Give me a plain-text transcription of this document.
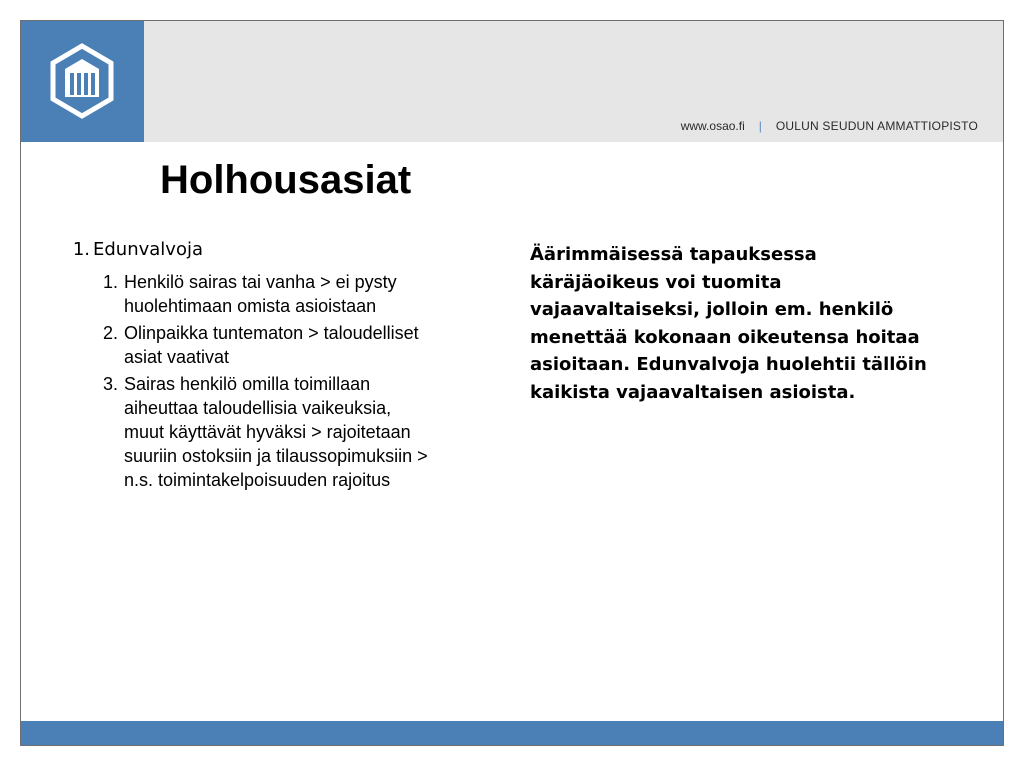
www.osao.fi | OULUN SEUDUN AMMATTIOPISTO
Holhousasiat
1. Edunvalvoja
1. Henkilö sairas tai vanha > ei pysty huolehtimaan omista asioistaan
2. Olinpaikka tuntematon > taloudelliset asiat vaativat
3. Sairas henkilö omilla toimillaan aiheuttaa taloudellisia vaikeuksia, muut käyttävät hyväksi > rajoitetaan suuriin ostoksiin ja tilaussopimuksiin > n.s. toimintakelpoisuuden rajoitus
Äärimmäisessä tapauksessa käräjäoikeus voi tuomita vajaavaltaiseksi, jolloin em. henkilö menettää kokonaan oikeutensa hoitaa asioitaan. Edunvalvoja huolehtii tällöin kaikista vajaavaltaisen asioista.
